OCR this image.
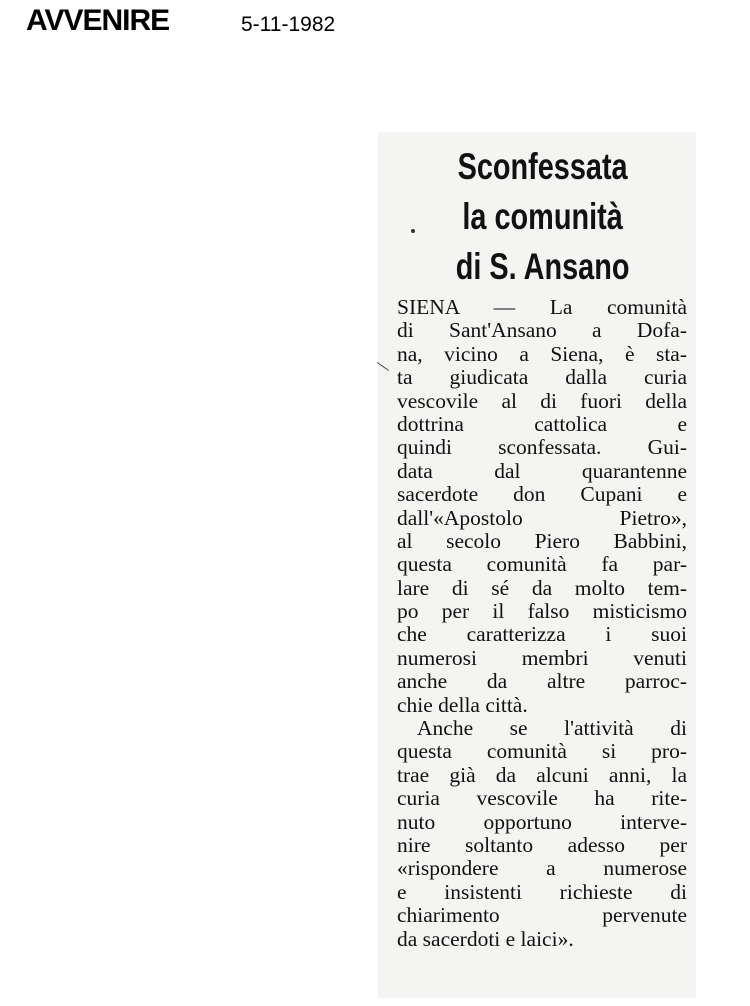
AVVENIRE	5-11-1982
Sconfessata
la comunità
di S. Ansano
SIENA — La comunità
di Sant'Ansano a Dofa-
na, vicino a Siena, è sta-
ta giudicata dalla curia
vescovile al di fuori della
dottrina cattolica e
quindi sconfessata. Gui-
data dal quarantenne
sacerdote don Cupani e
dall'«Apostolo Pietro»,
al secolo Piero Babbini,
questa comunità fa par-
lare di sé da molto tem-
po per il falso misticismo
che caratterizza i suoi
numerosi membri venuti
anche da altre parroc-
chie della città.
Anche se l'attività di
questa comunità si pro-
trae già da alcuni anni, la
curia vescovile ha rite-
nuto opportuno interve-
nire soltanto adesso per
«rispondere a numerose
e insistenti richieste di
chiarimento pervenute
da sacerdoti e laici».
